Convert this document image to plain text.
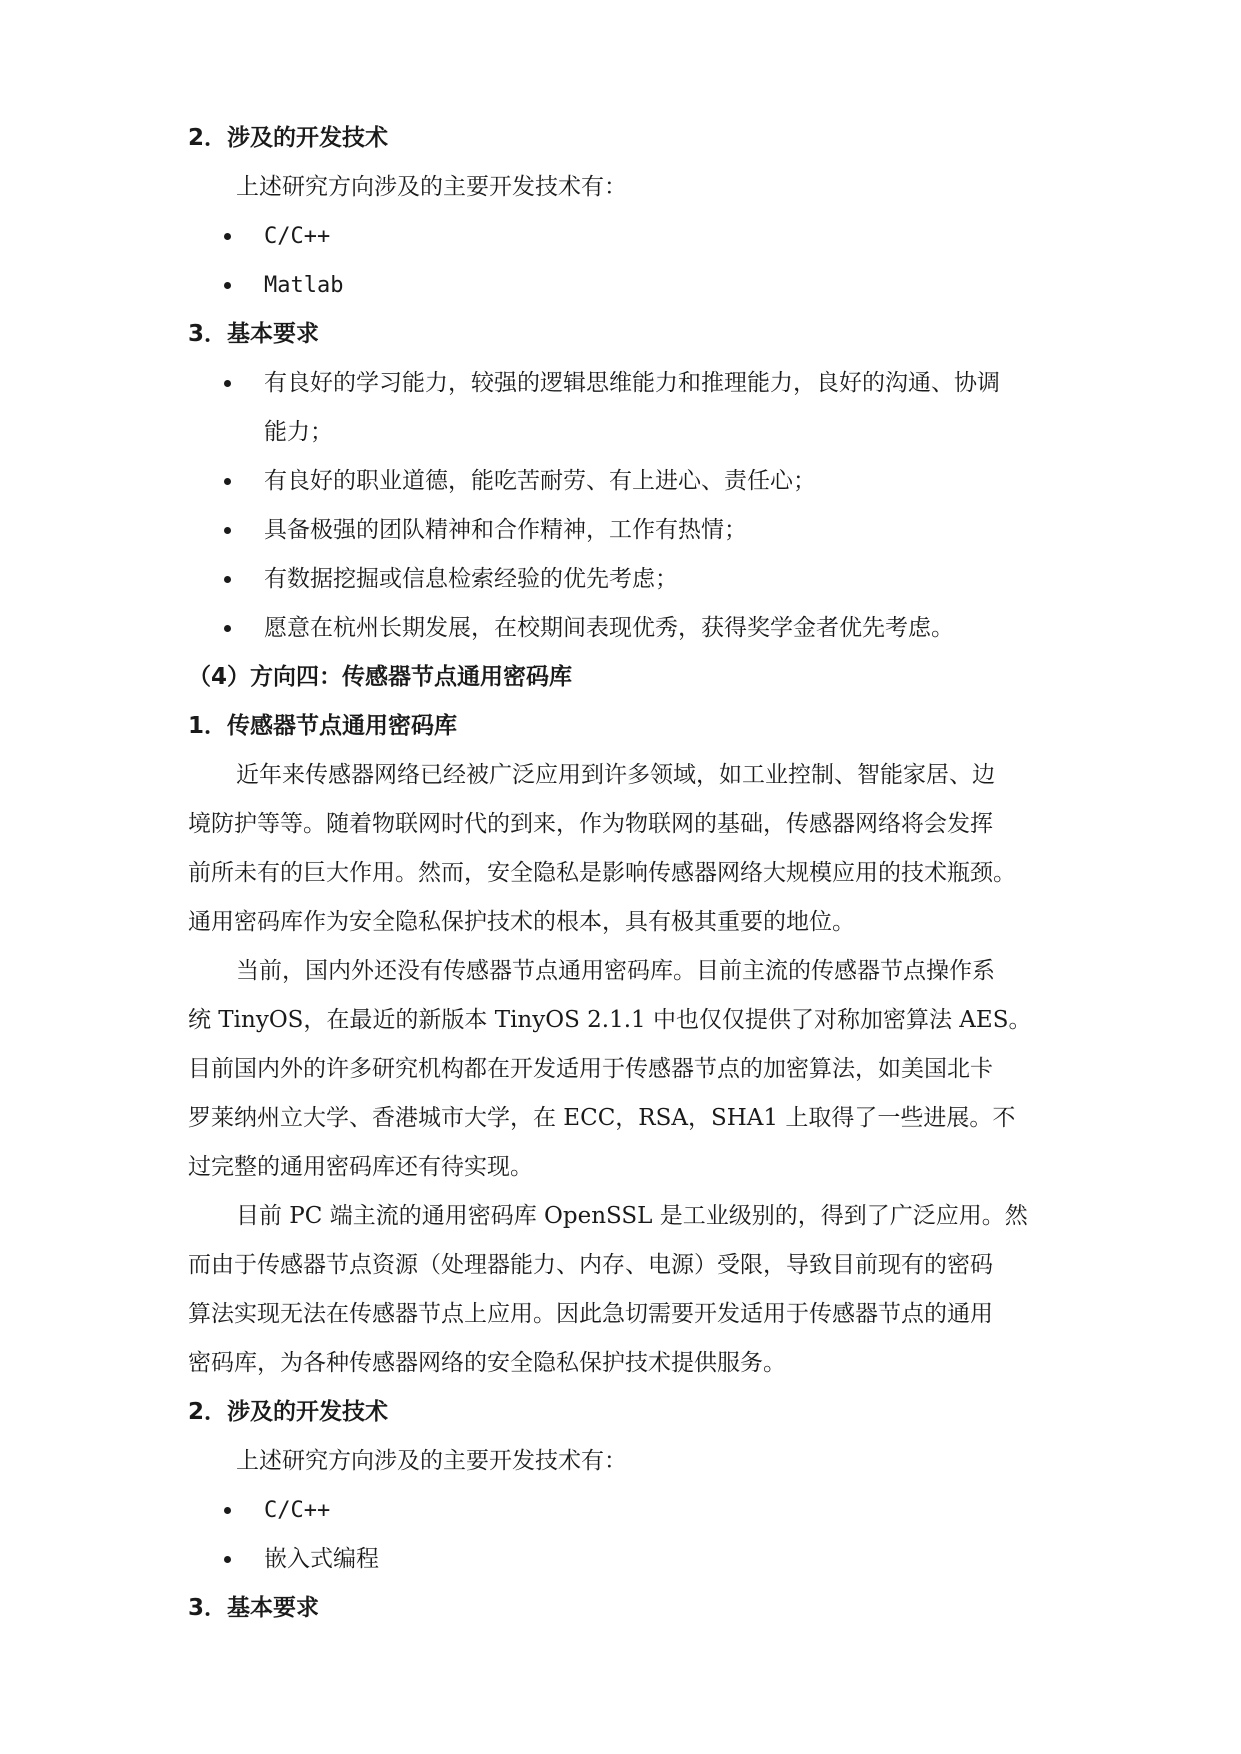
2．涉及的开发技术
上述研究方向涉及的主要开发技术有：
C/C++
Matlab
3．基本要求
有良好的学习能力，较强的逻辑思维能力和推理能力，良好的沟通、协调
能力；
有良好的职业道德，能吃苦耐劳、有上进心、责任心；
具备极强的团队精神和合作精神，工作有热情；
有数据挖掘或信息检索经验的优先考虑；
愿意在杭州长期发展，在校期间表现优秀，获得奖学金者优先考虑。
（4）方向四：传感器节点通用密码库
1．传感器节点通用密码库
近年来传感器网络已经被广泛应用到许多领域，如工业控制、智能家居、边
境防护等等。随着物联网时代的到来，作为物联网的基础，传感器网络将会发挥
前所未有的巨大作用。然而，安全隐私是影响传感器网络大规模应用的技术瓶颈。
通用密码库作为安全隐私保护技术的根本，具有极其重要的地位。
当前，国内外还没有传感器节点通用密码库。目前主流的传感器节点操作系
统 TinyOS，在最近的新版本 TinyOS 2.1.1 中也仅仅提供了对称加密算法 AES。
目前国内外的许多研究机构都在开发适用于传感器节点的加密算法，如美国北卡
罗莱纳州立大学、香港城市大学，在 ECC，RSA，SHA1 上取得了一些进展。不
过完整的通用密码库还有待实现。
目前 PC 端主流的通用密码库 OpenSSL 是工业级别的，得到了广泛应用。然
而由于传感器节点资源（处理器能力、内存、电源）受限，导致目前现有的密码
算法实现无法在传感器节点上应用。因此急切需要开发适用于传感器节点的通用
密码库，为各种传感器网络的安全隐私保护技术提供服务。
2．涉及的开发技术
上述研究方向涉及的主要开发技术有：
C/C++
嵌入式编程
3．基本要求
